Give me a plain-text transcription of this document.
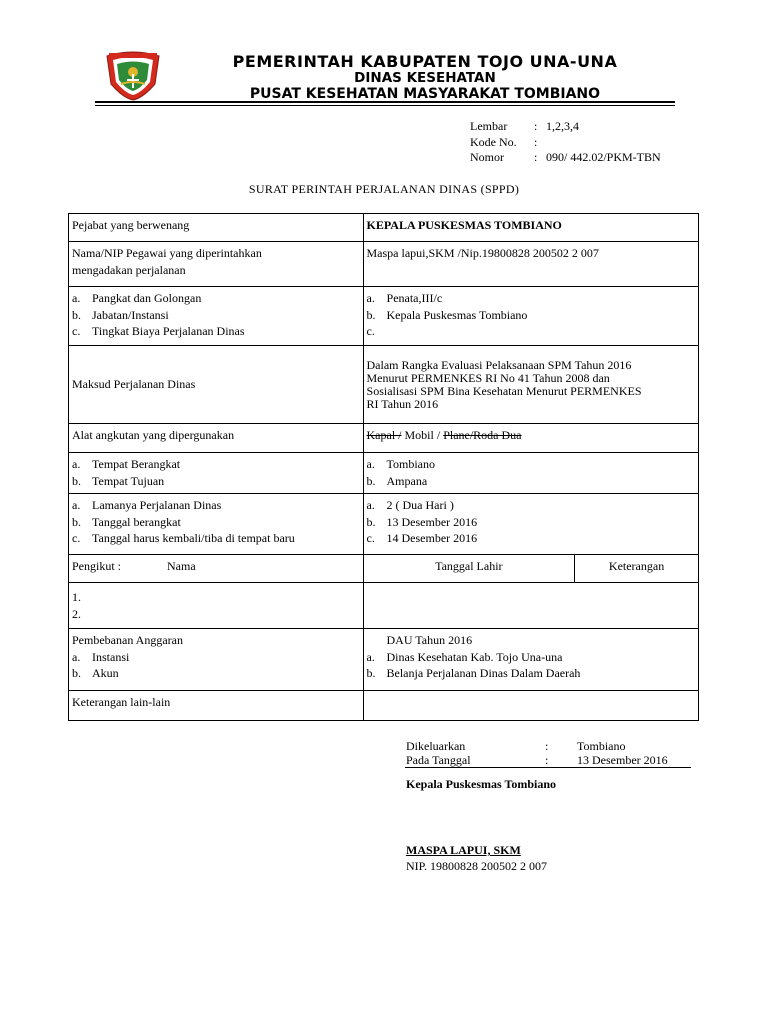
PEMERINTAH KABUPATEN TOJO UNA-UNA
DINAS KESEHATAN
PUSAT KESEHATAN MASYARAKAT TOMBIANO
Lembar	: 1,2,3,4
Kode No.	:
Nomor	: 090/ 442.02/PKM-TBN
SURAT PERINTAH PERJALANAN DINAS (SPPD)
Pejabat yang berwenang	KEPALA PUSKESMAS TOMBIANO	

Nama/NIP Pegawai yang diperintahkan
mengadakan perjalanan	Maspa lapui,SKM /Nip.19800828 200502 2 007	

a. Pangkat dan Golongan
b. Jabatan/Instansi
c. Tingkat Biaya Perjalanan Dinas	a. Penata,III/c
b. Kepala Puskesmas Tombiano
c.	

Maksud Perjalanan Dinas	Dalam Rangka Evaluasi Pelaksanaan SPM Tahun 2016
Menurut PERMENKES RI No 41 Tahun 2008 dan
Sosialisasi SPM Bina Kesehatan Menurut PERMENKES
RI Tahun 2016	

Alat angkutan yang dipergunakan	Kapal / Mobil / Plane/Roda Dua	

a. Tempat Berangkat
b. Tempat Tujuan	a. Tombiano
b. Ampana	

a. Lamanya Perjalanan Dinas
b. Tanggal berangkat
c. Tanggal harus kembali/tiba di tempat baru	a. 2 ( Dua Hari )
b. 13 Desember 2016
c. 14 Desember 2016	

Pengikut : Nama	Tanggal Lahir	Keterangan

1.
2.		

Pembebanan Anggaran
a. Instansi
b. Akun	DAU Tahun 2016
a. Dinas Kesehatan Kab. Tojo Una-una
b. Belanja Perjalanan Dinas Dalam Daerah	

Keterangan lain-lain		
Dikeluarkan	: Tombiano
Pada Tanggal	: 13 Desember 2016
Kepala Puskesmas Tombiano
MASPA LAPUI, SKM
NIP. 19800828 200502 2 007
